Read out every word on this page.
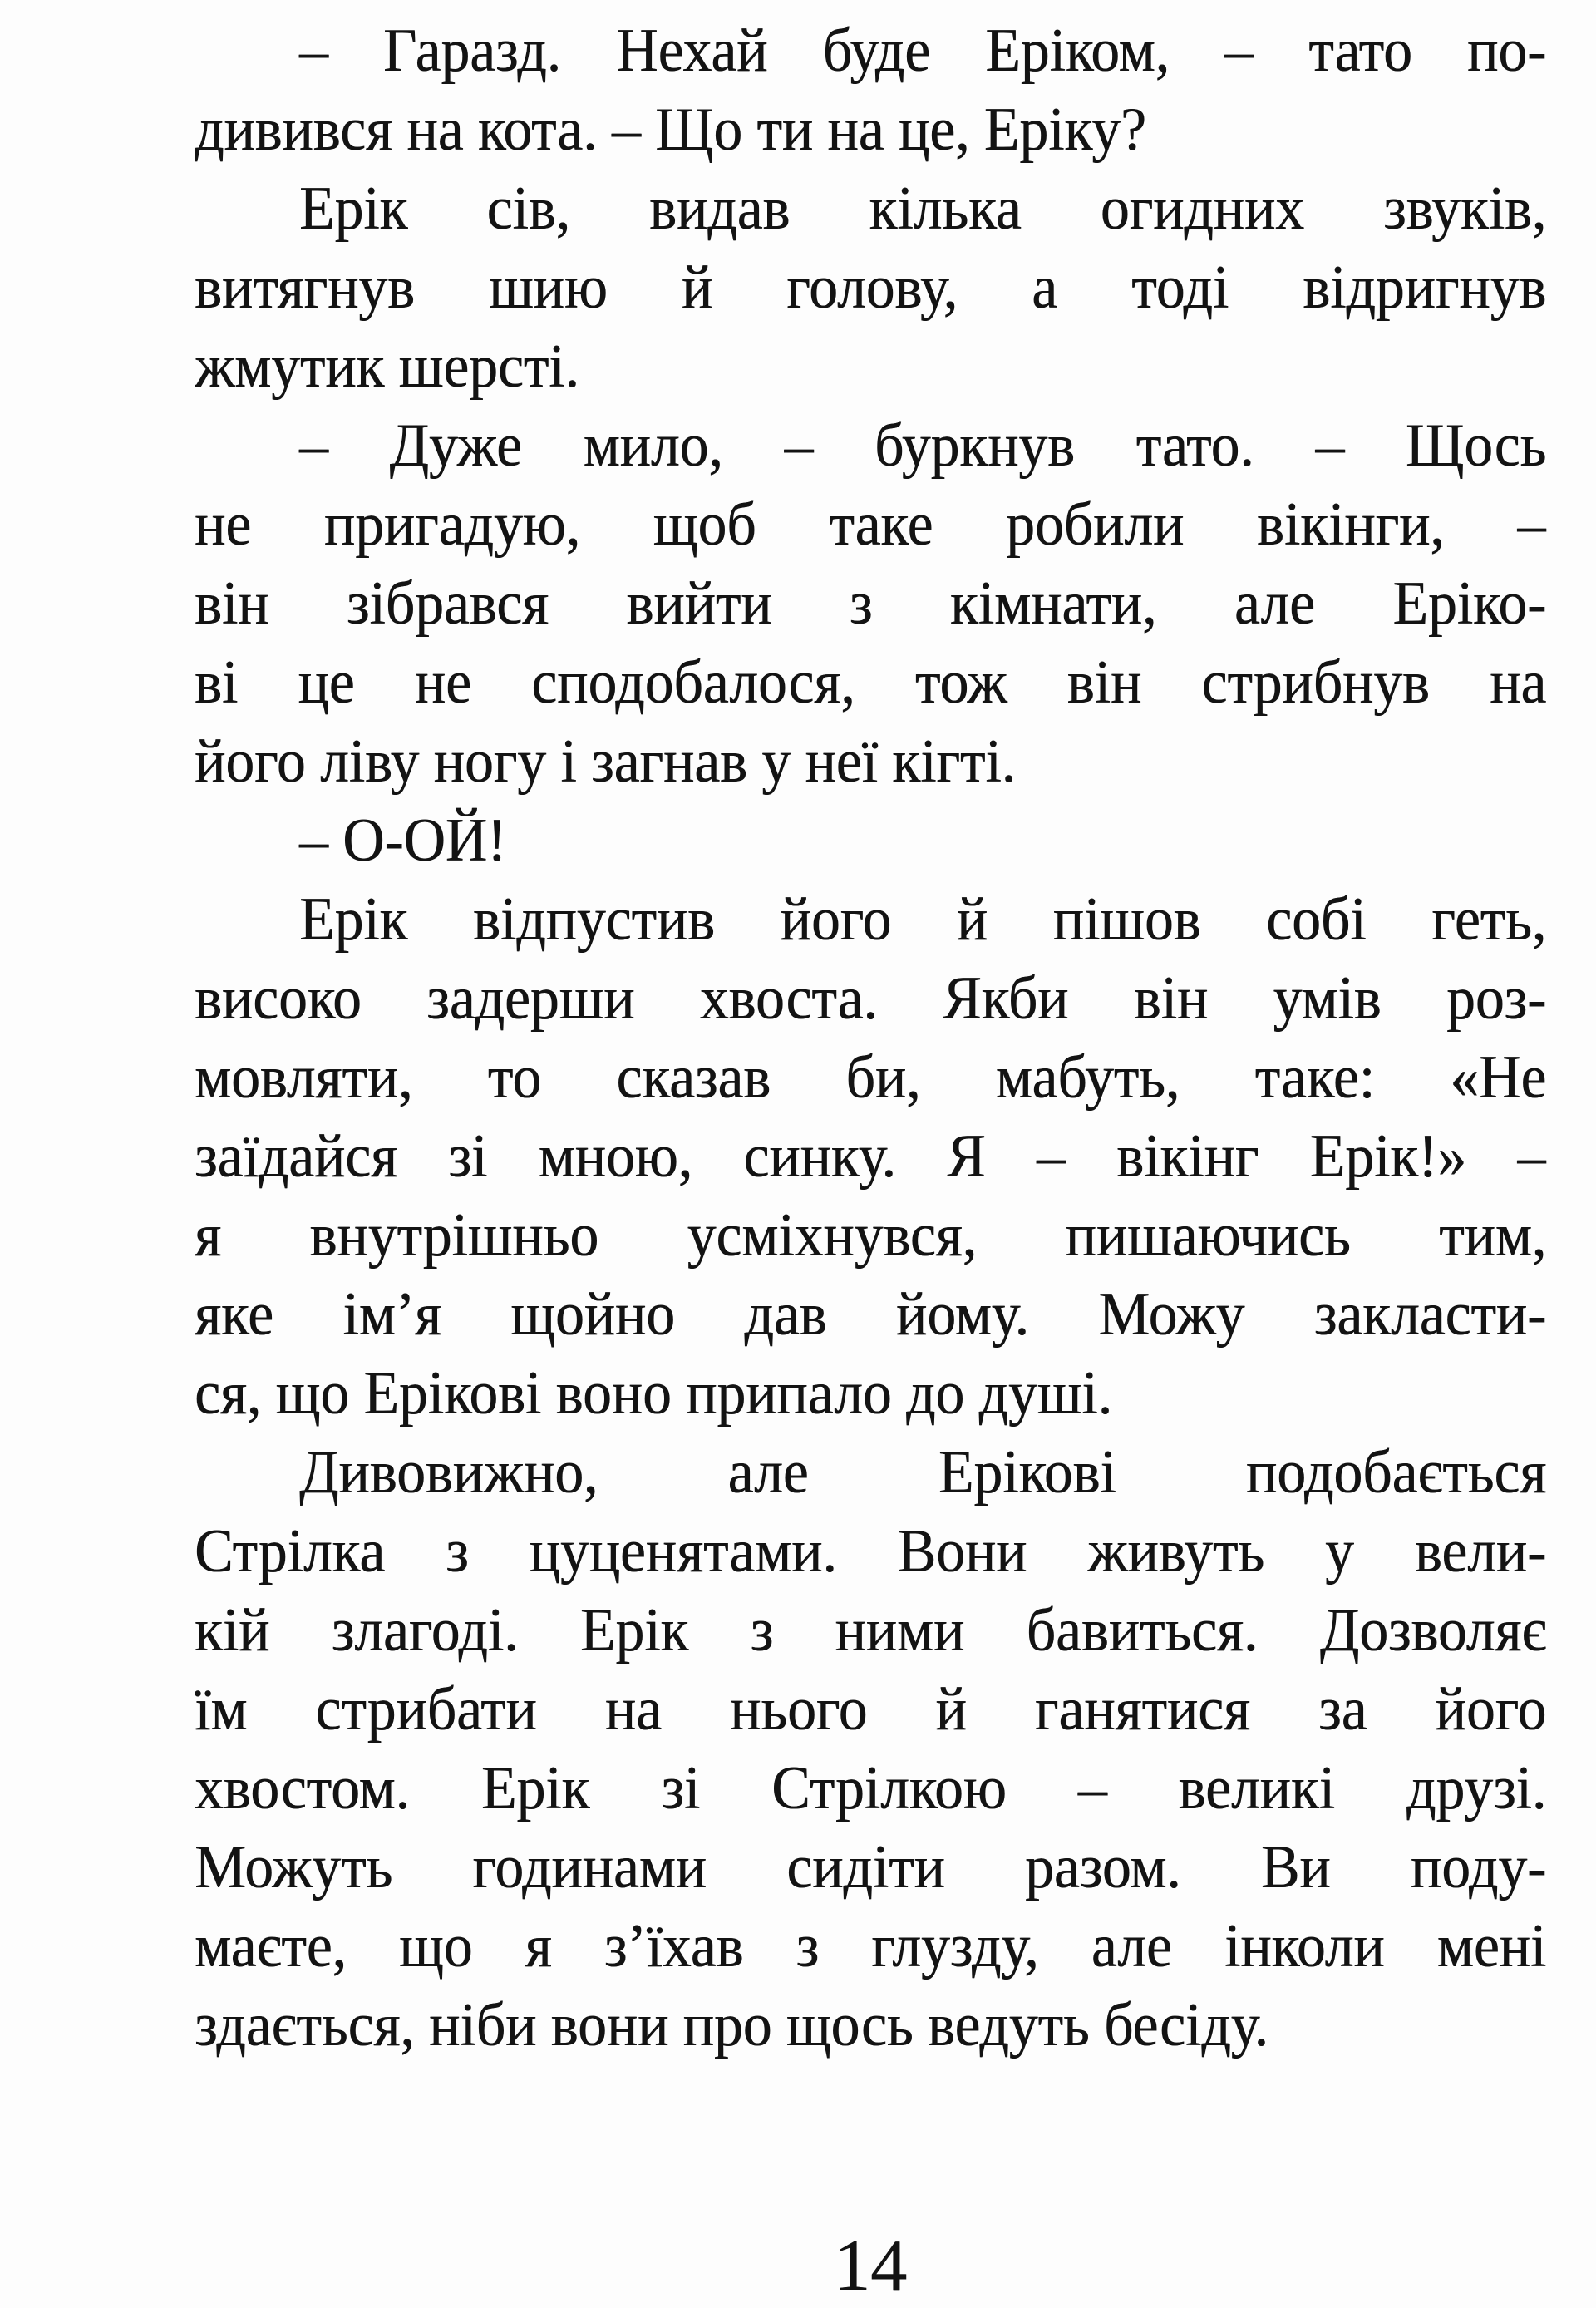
– Гаразд. Нехай буде Еріком, – тато по-
дивився на кота. – Що ти на це, Еріку?
Ерік сів, видав кілька огидних звуків,
витягнув шию й голову, а тоді відригнув
жмутик шерсті.
– Дуже мило, – буркнув тато. – Щось
не пригадую, щоб таке робили вікінги, –
він зібрався вийти з кімнати, але Еріко-
ві це не сподобалося, тож він стрибнув на
його ліву ногу і загнав у неї кігті.
– О-ОЙ!
Ерік відпустив його й пішов собі геть,
високо задерши хвоста. Якби він умів роз-
мовляти, то сказав би, мабуть, таке: «Не
заїдайся зі мною, синку. Я – вікінг Ерік!» –
я внутрішньо усміхнувся, пишаючись тим,
яке ім’я щойно дав йому. Можу закласти-
ся, що Ерікові воно припало до душі.
Дивовижно, але Ерікові подобається
Стрілка з цуценятами. Вони живуть у вели-
кій злагоді. Ерік з ними бавиться. Дозволяє
їм стрибати на нього й ганятися за його
хвостом. Ерік зі Стрілкою – великі друзі.
Можуть годинами сидіти разом. Ви поду-
маєте, що я з’їхав з глузду, але інколи мені
здається, ніби вони про щось ведуть бесіду.
14
